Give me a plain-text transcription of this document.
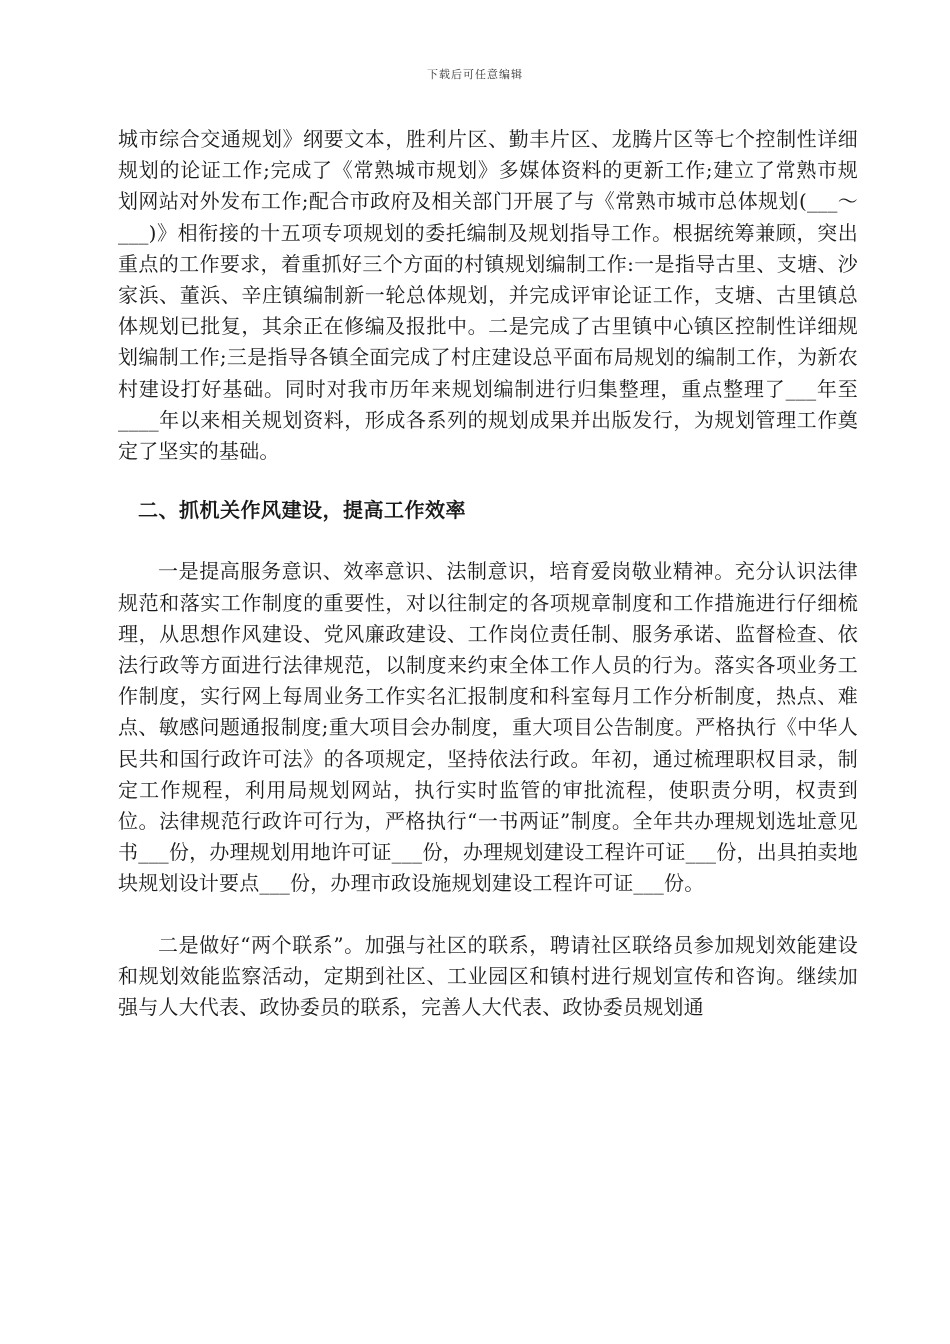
下载后可任意编辑

城市综合交通规划》纲要文本，胜利片区、勤丰片区、龙腾片区等七个控制性详细规划的论证工作;完成了《常熟城市规划》多媒体资料的更新工作;建立了常熟市规划网站对外发布工作;配合市政府及相关部门开展了与《常熟市城市总体规划(___～___)》相衔接的十五项专项规划的委托编制及规划指导工作。根据统筹兼顾，突出重点的工作要求，着重抓好三个方面的村镇规划编制工作:一是指导古里、支塘、沙家浜、董浜、辛庄镇编制新一轮总体规划，并完成评审论证工作，支塘、古里镇总体规划已批复，其余正在修编及报批中。二是完成了古里镇中心镇区控制性详细规划编制工作;三是指导各镇全面完成了村庄建设总平面布局规划的编制工作，为新农村建设打好基础。同时对我市历年来规划编制进行归集整理，重点整理了___年至____年以来相关规划资料，形成各系列的规划成果并出版发行，为规划管理工作奠定了坚实的基础。

二、抓机关作风建设，提高工作效率

一是提高服务意识、效率意识、法制意识，培育爱岗敬业精神。充分认识法律规范和落实工作制度的重要性，对以往制定的各项规章制度和工作措施进行仔细梳理，从思想作风建设、党风廉政建设、工作岗位责任制、服务承诺、监督检查、依法行政等方面进行法律规范，以制度来约束全体工作人员的行为。落实各项业务工作制度，实行网上每周业务工作实名汇报制度和科室每月工作分析制度，热点、难点、敏感问题通报制度;重大项目会办制度，重大项目公告制度。严格执行《中华人民共和国行政许可法》的各项规定，坚持依法行政。年初，通过梳理职权目录，制定工作规程，利用局规划网站，执行实时监管的审批流程，使职责分明，权责到位。法律规范行政许可行为，严格执行“一书两证”制度。全年共办理规划选址意见书___份，办理规划用地许可证___份，办理规划建设工程许可证___份，出具拍卖地块规划设计要点___份，办理市政设施规划建设工程许可证___份。

二是做好“两个联系”。加强与社区的联系，聘请社区联络员参加规划效能建设和规划效能监察活动，定期到社区、工业园区和镇村进行规划宣传和咨询。继续加强与人大代表、政协委员的联系，完善人大代表、政协委员规划通
